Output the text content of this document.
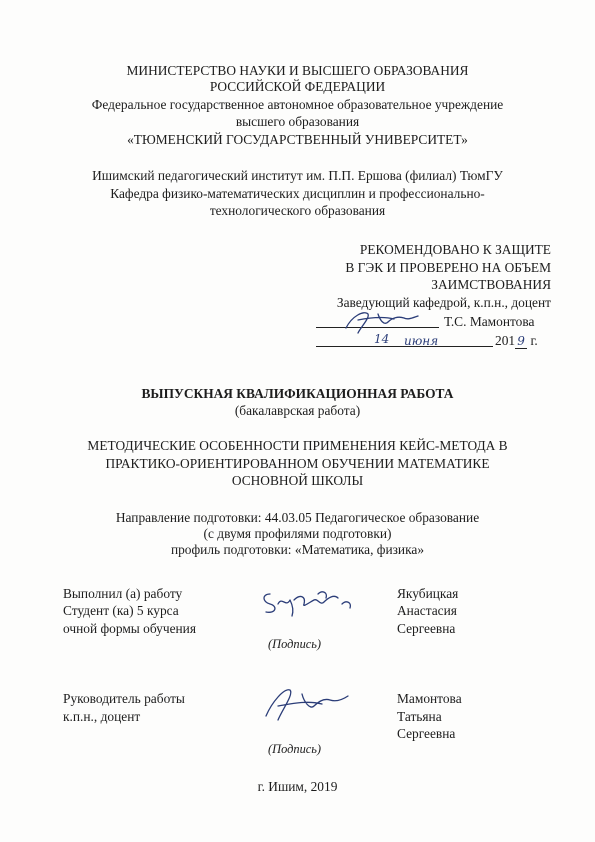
МИНИСТЕРСТВО НАУКИ И ВЫСШЕГО ОБРАЗОВАНИЯ
РОССИЙСКОЙ ФЕДЕРАЦИИ
Федеральное государственное автономное образовательное учреждение
высшего образования
«ТЮМЕНСКИЙ ГОСУДАРСТВЕННЫЙ УНИВЕРСИТЕТ»
Ишимский педагогический институт им. П.П. Ершова (филиал) ТюмГУ
Кафедра физико-математических дисциплин и профессионально-
технологического образования
РЕКОМЕНДОВАНО К ЗАЩИТЕ
В ГЭК И ПРОВЕРЕНО НА ОБЪЕМ
ЗАИМСТВОВАНИЯ
Заведующий кафедрой, к.п.н., доцент
Т.С. Мамонтова
14 июня	201 9 г.
ВЫПУСКНАЯ КВАЛИФИКАЦИОННАЯ РАБОТА
(бакалаврская работа)
МЕТОДИЧЕСКИЕ ОСОБЕННОСТИ ПРИМЕНЕНИЯ КЕЙС-МЕТОДА В
ПРАКТИКО-ОРИЕНТИРОВАННОМ ОБУЧЕНИИ МАТЕМАТИКЕ
ОСНОВНОЙ ШКОЛЫ
Направление подготовки: 44.03.05 Педагогическое образование
(с двумя профилями подготовки)
профиль подготовки: «Математика, физика»
Выполнил (а) работу
Студент (ка) 5 курса
очной формы обучения
(Подпись)
Якубицкая
Анастасия
Сергеевна
Руководитель работы
к.п.н., доцент
(Подпись)
Мамонтова
Татьяна
Сергеевна
г. Ишим, 2019
